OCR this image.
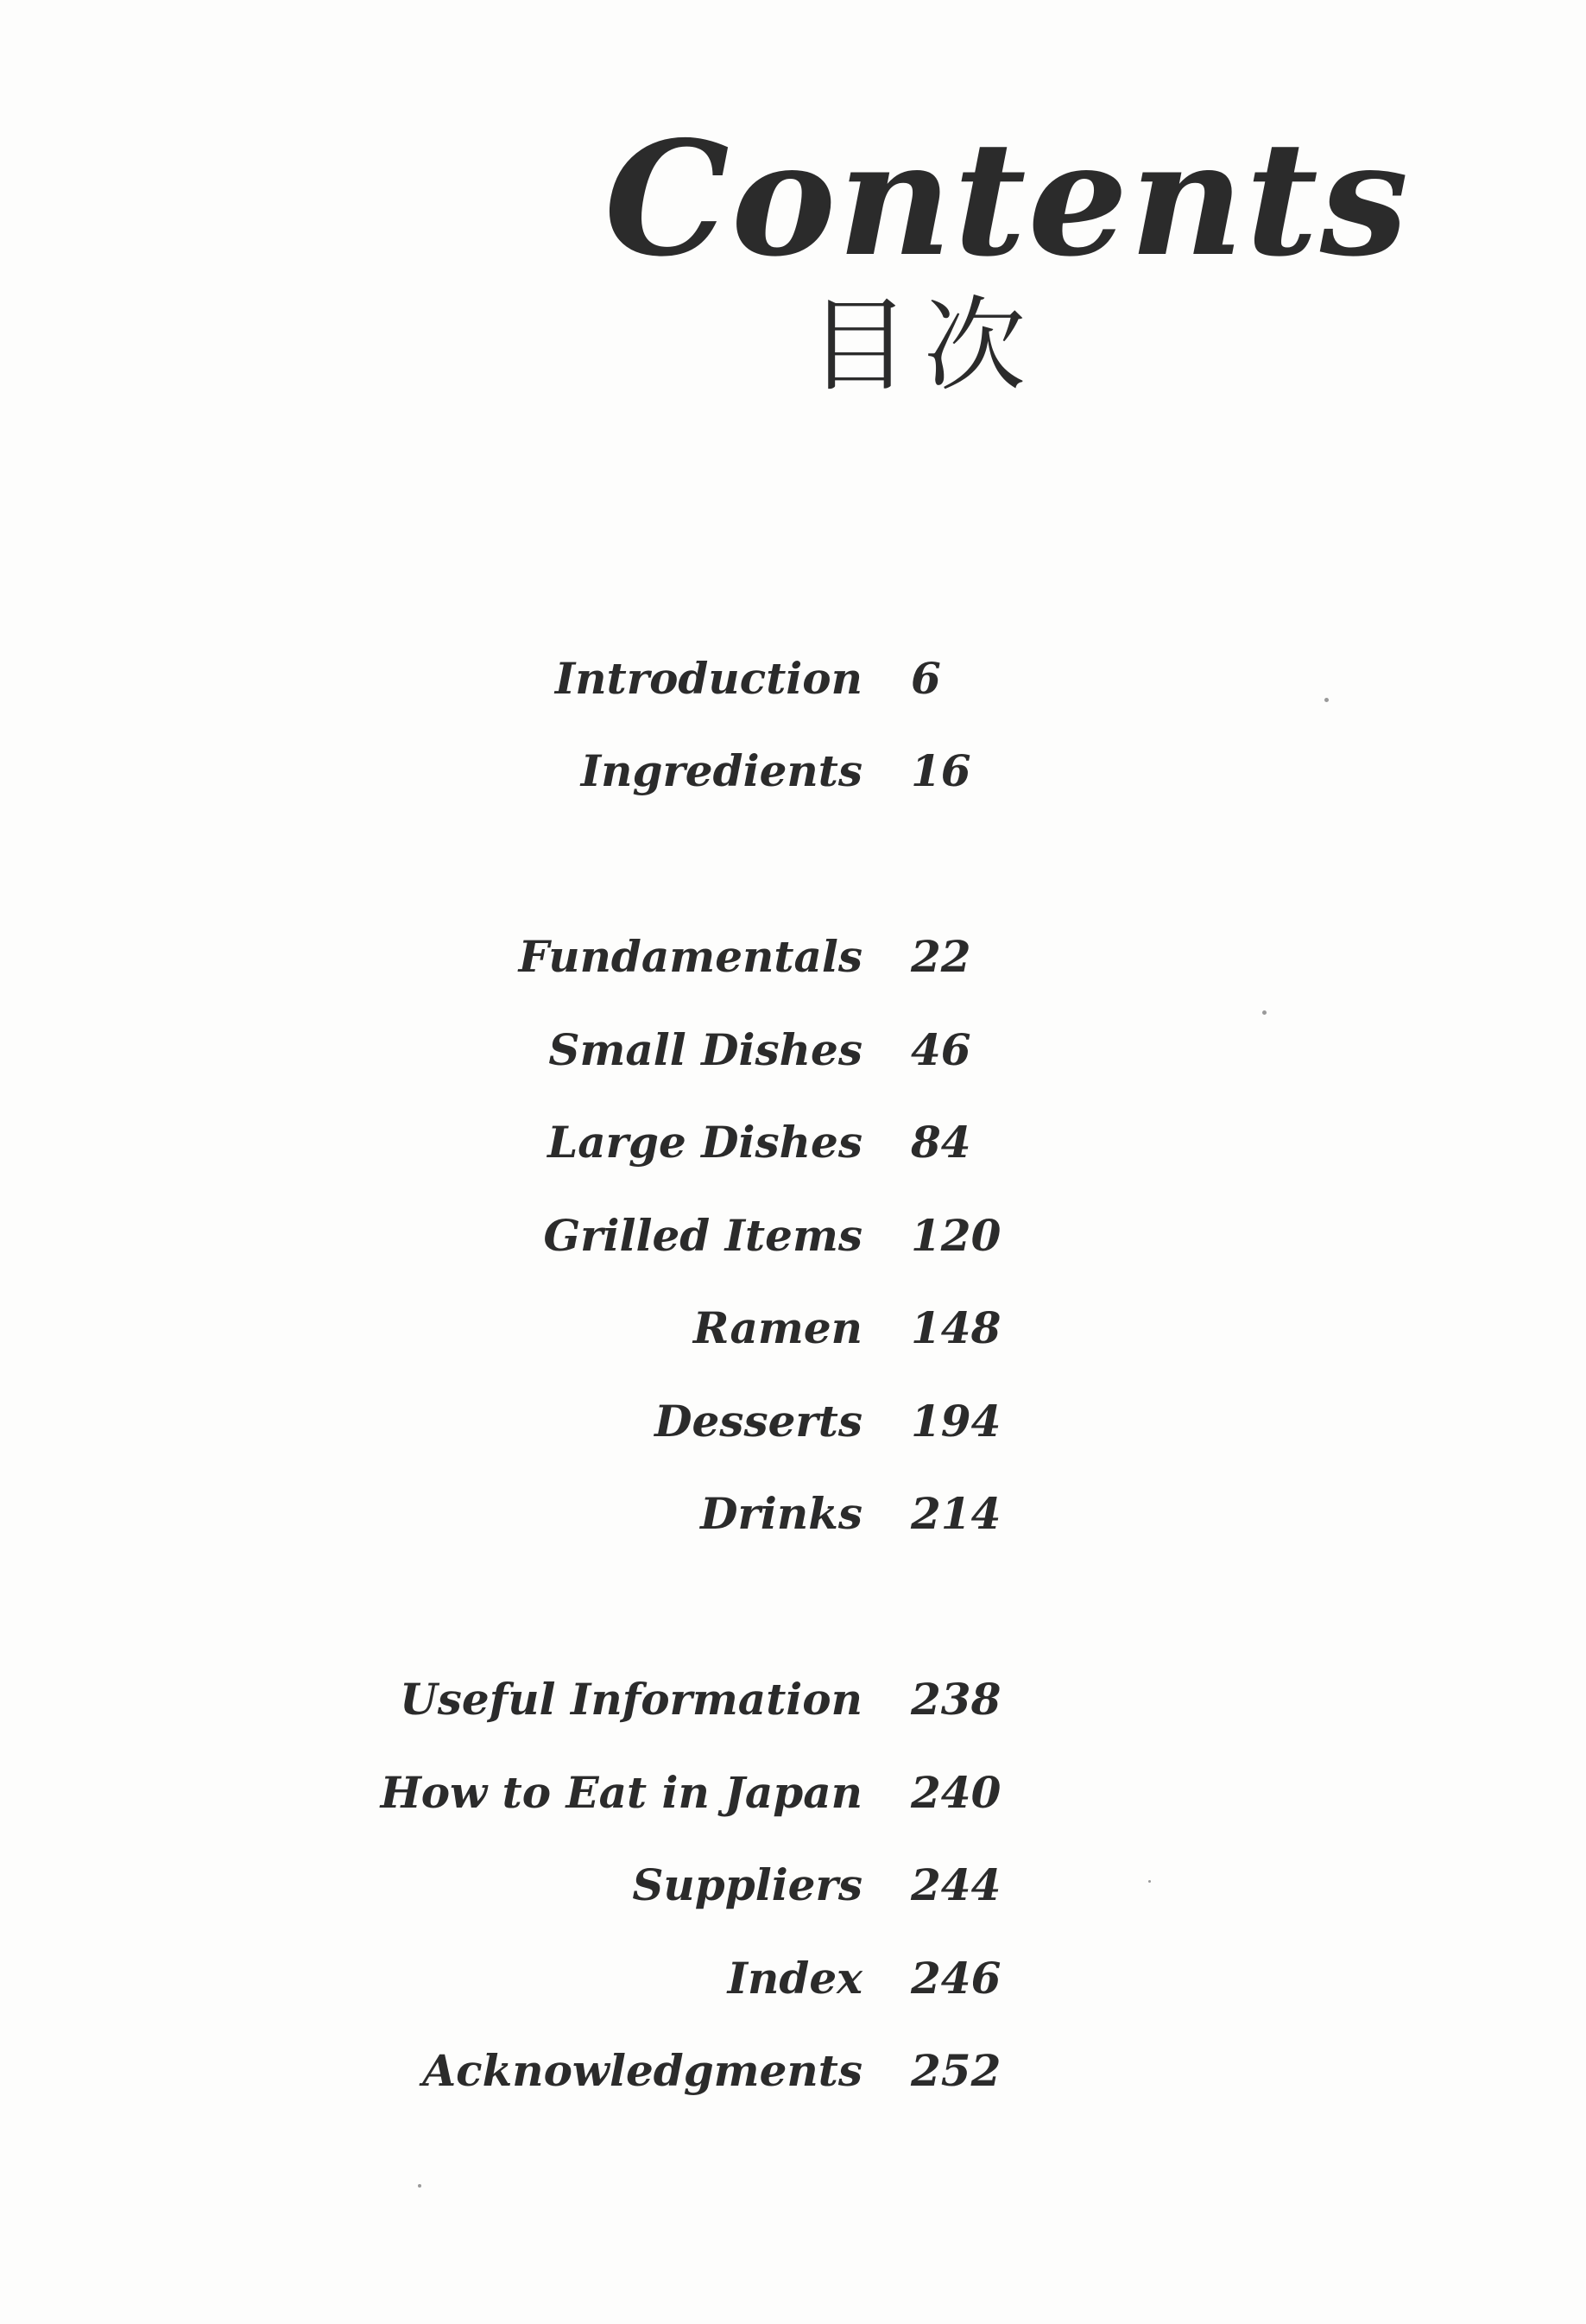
Contents
目次
Introduction 6
Ingredients 16
Fundamentals 22
Small Dishes 46
Large Dishes 84
Grilled Items 120
Ramen 148
Desserts 194
Drinks 214
Useful Information 238
How to Eat in Japan 240
Suppliers 244
Index 246
Acknowledgments 252
